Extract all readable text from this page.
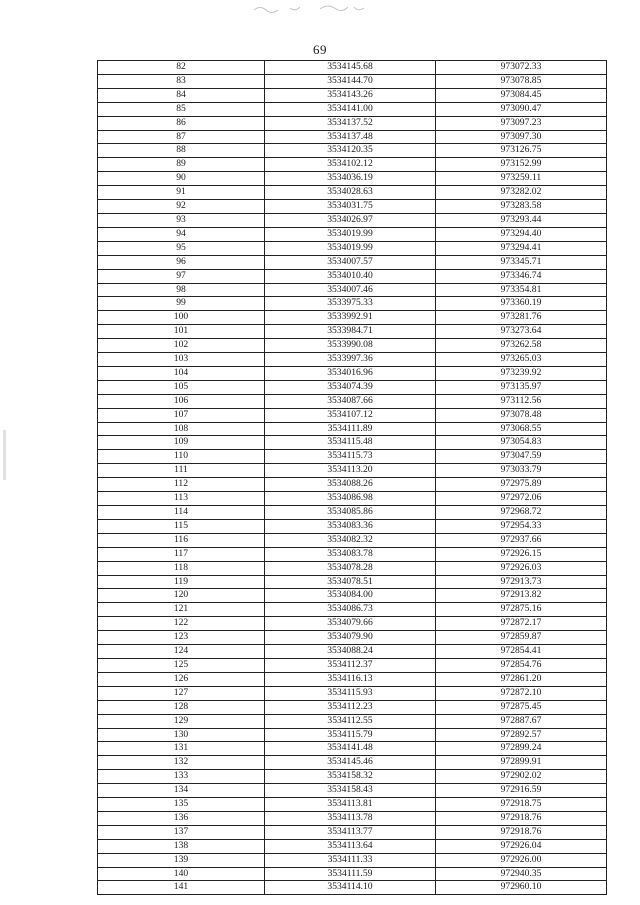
69
82	3534145.68	973072.33
83	3534144.70	973078.85
84	3534143.26	973084.45
85	3534141.00	973090.47
86	3534137.52	973097.23
87	3534137.48	973097.30
88	3534120.35	973126.75
89	3534102.12	973152.99
90	3534036.19	973259.11
91	3534028.63	973282.02
92	3534031.75	973283.58
93	3534026.97	973293.44
94	3534019.99	973294.40
95	3534019.99	973294.41
96	3534007.57	973345.71
97	3534010.40	973346.74
98	3534007.46	973354.81
99	3533975.33	973360.19
100	3533992.91	973281.76
101	3533984.71	973273.64
102	3533990.08	973262.58
103	3533997.36	973265.03
104	3534016.96	973239.92
105	3534074.39	973135.97
106	3534087.66	973112.56
107	3534107.12	973078.48
108	3534111.89	973068.55
109	3534115.48	973054.83
110	3534115.73	973047.59
111	3534113.20	973033.79
112	3534088.26	972975.89
113	3534086.98	972972.06
114	3534085.86	972968.72
115	3534083.36	972954.33
116	3534082.32	972937.66
117	3534083.78	972926.15
118	3534078.28	972926.03
119	3534078.51	972913.73
120	3534084.00	972913.82
121	3534086.73	972875.16
122	3534079.66	972872.17
123	3534079.90	972859.87
124	3534088.24	972854.41
125	3534112.37	972854.76
126	3534116.13	972861.20
127	3534115.93	972872.10
128	3534112.23	972875.45
129	3534112.55	972887.67
130	3534115.79	972892.57
131	3534141.48	972899.24
132	3534145.46	972899.91
133	3534158.32	972902.02
134	3534158.43	972916.59
135	3534113.81	972918.75
136	3534113.78	972918.76
137	3534113.77	972918.76
138	3534113.64	972926.04
139	3534111.33	972926.00
140	3534111.59	972940.35
141	3534114.10	972960.10
